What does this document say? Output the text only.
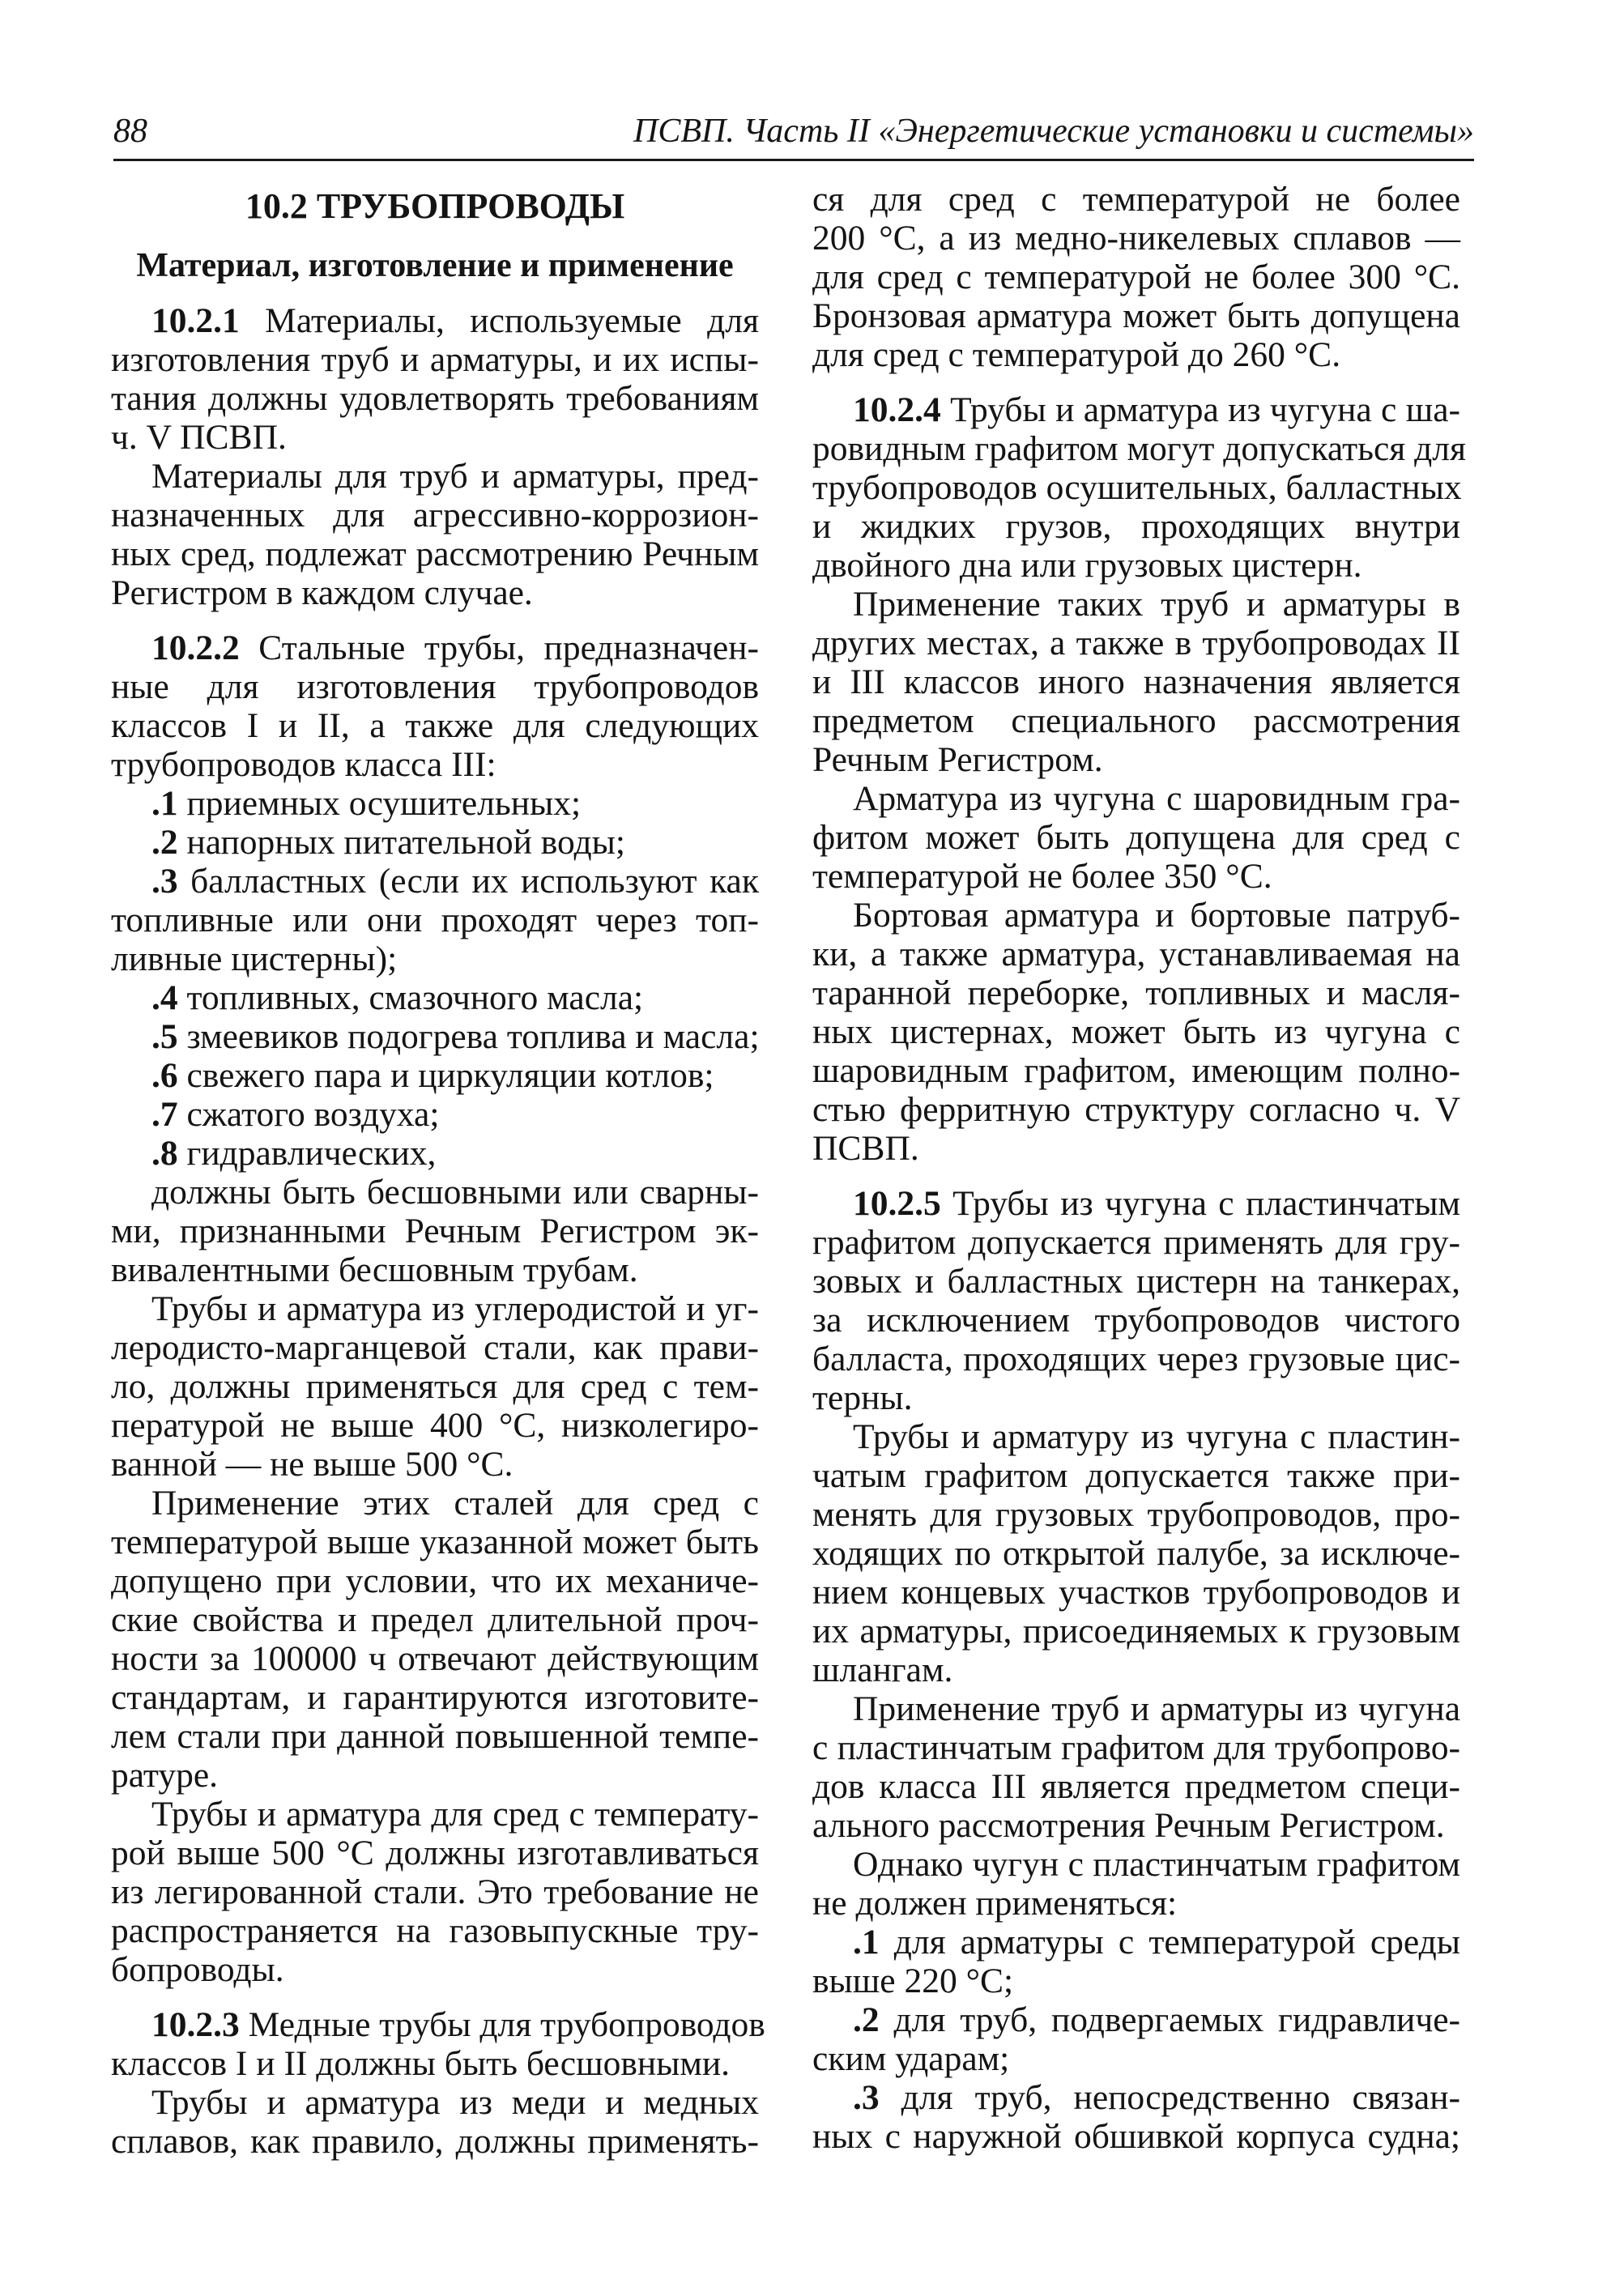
88	ПСВП. Часть II «Энергетические установки и системы»
10.2 ТРУБОПРОВОДЫ
Материал, изготовление и применение
10.2.1 Материалы, используемые для
изготовления труб и арматуры, и их испы-
тания должны удовлетворять требованиям
ч. V ПСВП.
Материалы для труб и арматуры, пред-
назначенных для агрессивно-коррозион-
ных сред, подлежат рассмотрению Речным
Регистром в каждом случае.
10.2.2 Стальные трубы, предназначен-
ные для изготовления трубопроводов
классов I и II, а также для следующих
трубопроводов класса III:
.1 приемных осушительных;
.2 напорных питательной воды;
.3 балластных (если их используют как
топливные или они проходят через топ-
ливные цистерны);
.4 топливных, смазочного масла;
.5 змеевиков подогрева топлива и масла;
.6 свежего пара и циркуляции котлов;
.7 сжатого воздуха;
.8 гидравлических,
должны быть бесшовными или сварны-
ми, признанными Речным Регистром эк-
вивалентными бесшовным трубам.
Трубы и арматура из углеродистой и уг-
леродисто-марганцевой стали, как прави-
ло, должны применяться для сред с тем-
пературой не выше 400 °С, низколегиро-
ванной — не выше 500 °С.
Применение этих сталей для сред с
температурой выше указанной может быть
допущено при условии, что их механиче-
ские свойства и предел длительной проч-
ности за 100000 ч отвечают действующим
стандартам, и гарантируются изготовите-
лем стали при данной повышенной темпе-
ратуре.
Трубы и арматура для сред с температу-
рой выше 500 °С должны изготавливаться
из легированной стали. Это требование не
распространяется на газовыпускные тру-
бопроводы.
10.2.3 Медные трубы для трубопроводов
классов I и II должны быть бесшовными.
Трубы и арматура из меди и медных
сплавов, как правило, должны применять-
ся для сред с температурой не более
200 °С, а из медно-никелевых сплавов —
для сред с температурой не более 300 °С.
Бронзовая арматура может быть допущена
для сред с температурой до 260 °С.
10.2.4 Трубы и арматура из чугуна с ша-
ровидным графитом могут допускаться для
трубопроводов осушительных, балластных
и жидких грузов, проходящих внутри
двойного дна или грузовых цистерн.
Применение таких труб и арматуры в
других местах, а также в трубопроводах II
и III классов иного назначения является
предметом специального рассмотрения
Речным Регистром.
Арматура из чугуна с шаровидным гра-
фитом может быть допущена для сред с
температурой не более 350 °С.
Бортовая арматура и бортовые патруб-
ки, а также арматура, устанавливаемая на
таранной переборке, топливных и масля-
ных цистернах, может быть из чугуна с
шаровидным графитом, имеющим полно-
стью ферритную структуру согласно ч. V
ПСВП.
10.2.5 Трубы из чугуна с пластинчатым
графитом допускается применять для гру-
зовых и балластных цистерн на танкерах,
за исключением трубопроводов чистого
балласта, проходящих через грузовые цис-
терны.
Трубы и арматуру из чугуна с пластин-
чатым графитом допускается также при-
менять для грузовых трубопроводов, про-
ходящих по открытой палубе, за исключе-
нием концевых участков трубопроводов и
их арматуры, присоединяемых к грузовым
шлангам.
Применение труб и арматуры из чугуна
с пластинчатым графитом для трубопрово-
дов класса III является предметом специ-
ального рассмотрения Речным Регистром.
Однако чугун с пластинчатым графитом
не должен применяться:
.1 для арматуры с температурой среды
выше 220 °С;
.2 для труб, подвергаемых гидравличе-
ским ударам;
.3 для труб, непосредственно связан-
ных с наружной обшивкой корпуса судна;
